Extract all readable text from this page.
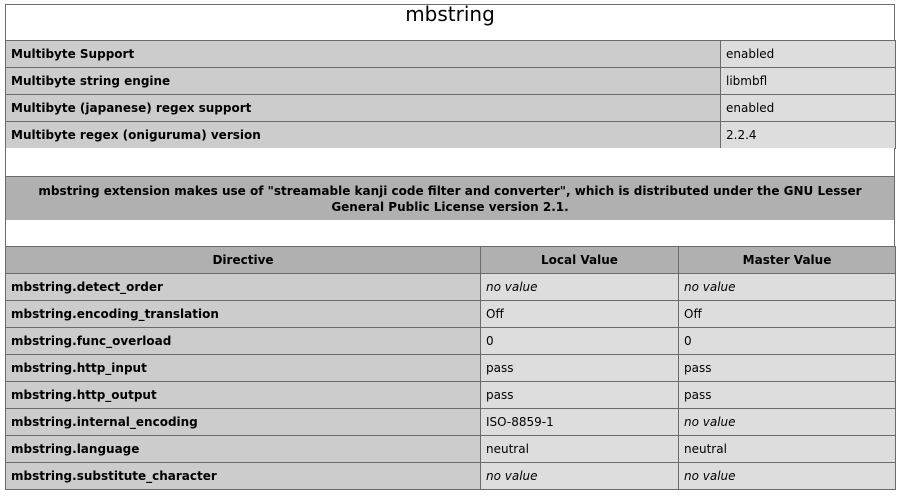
mbstring
Multibyte Support	enabled
Multibyte string engine	libmbfl
Multibyte (japanese) regex support	enabled
Multibyte regex (oniguruma) version	2.2.4
mbstring extension makes use of "streamable kanji code filter and converter", which is distributed under the GNU Lesser General Public License version 2.1.
Directive	Local Value	Master Value
mbstring.detect_order	no value	no value
mbstring.encoding_translation	Off	Off
mbstring.func_overload	0	0
mbstring.http_input	pass	pass
mbstring.http_output	pass	pass
mbstring.internal_encoding	ISO-8859-1	no value
mbstring.language	neutral	neutral
mbstring.substitute_character	no value	no value
